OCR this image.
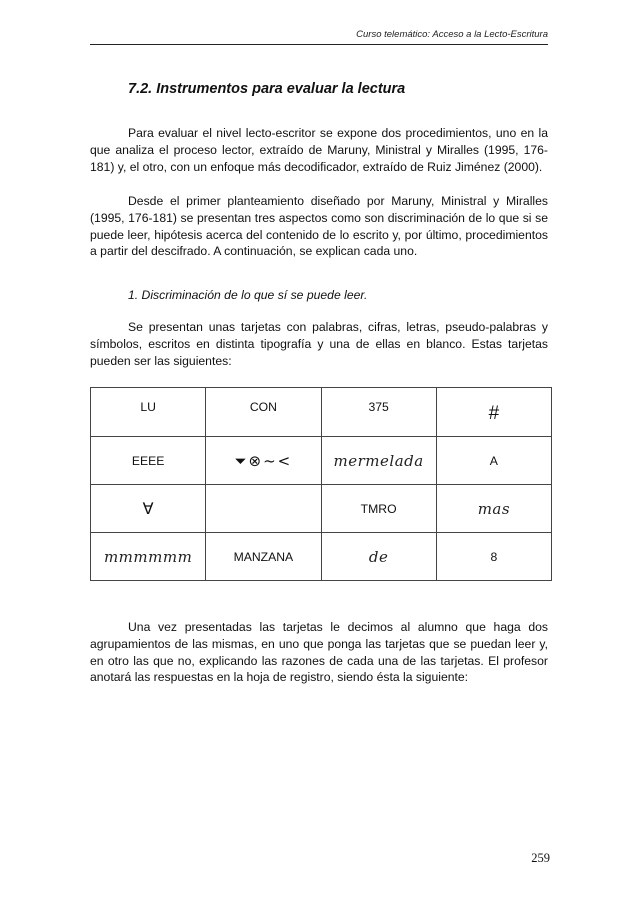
Curso telemático: Acceso a la Lecto-Escritura
7.2. Instrumentos para evaluar la lectura

Para evaluar el nivel lecto-escritor se expone dos procedimientos, uno en la que analiza el proceso lector, extraído de Maruny, Ministral y Miralles (1995, 176-181) y, el otro, con un enfoque más decodificador, extraído de Ruiz Jiménez (2000).

Desde el primer planteamiento diseñado por Maruny, Ministral y Miralles (1995, 176-181) se presentan tres aspectos como son discriminación de lo que si se puede leer, hipótesis acerca del contenido de lo escrito y, por último, procedimientos a partir del descifrado. A continuación, se explican cada uno.

1. Discriminación de lo que sí se puede leer.

Se presentan unas tarjetas con palabras, cifras, letras, pseudo-palabras y símbolos, escritos en distinta tipografía y una de ellas en blanco. Estas tarjetas pueden ser las siguientes:

LU	CON	375	#

EEEE	⏷⊗~<	mermelada	A

∀		TMRO	mas

mmmmmm	MANZANA	de	8

Una vez presentadas las tarjetas le decimos al alumno que haga dos agrupamientos de las mismas, en uno que ponga las tarjetas que se puedan leer y, en otro las que no, explicando las razones de cada una de las tarjetas. El profesor anotará las respuestas en la hoja de registro, siendo ésta la siguiente:

259
